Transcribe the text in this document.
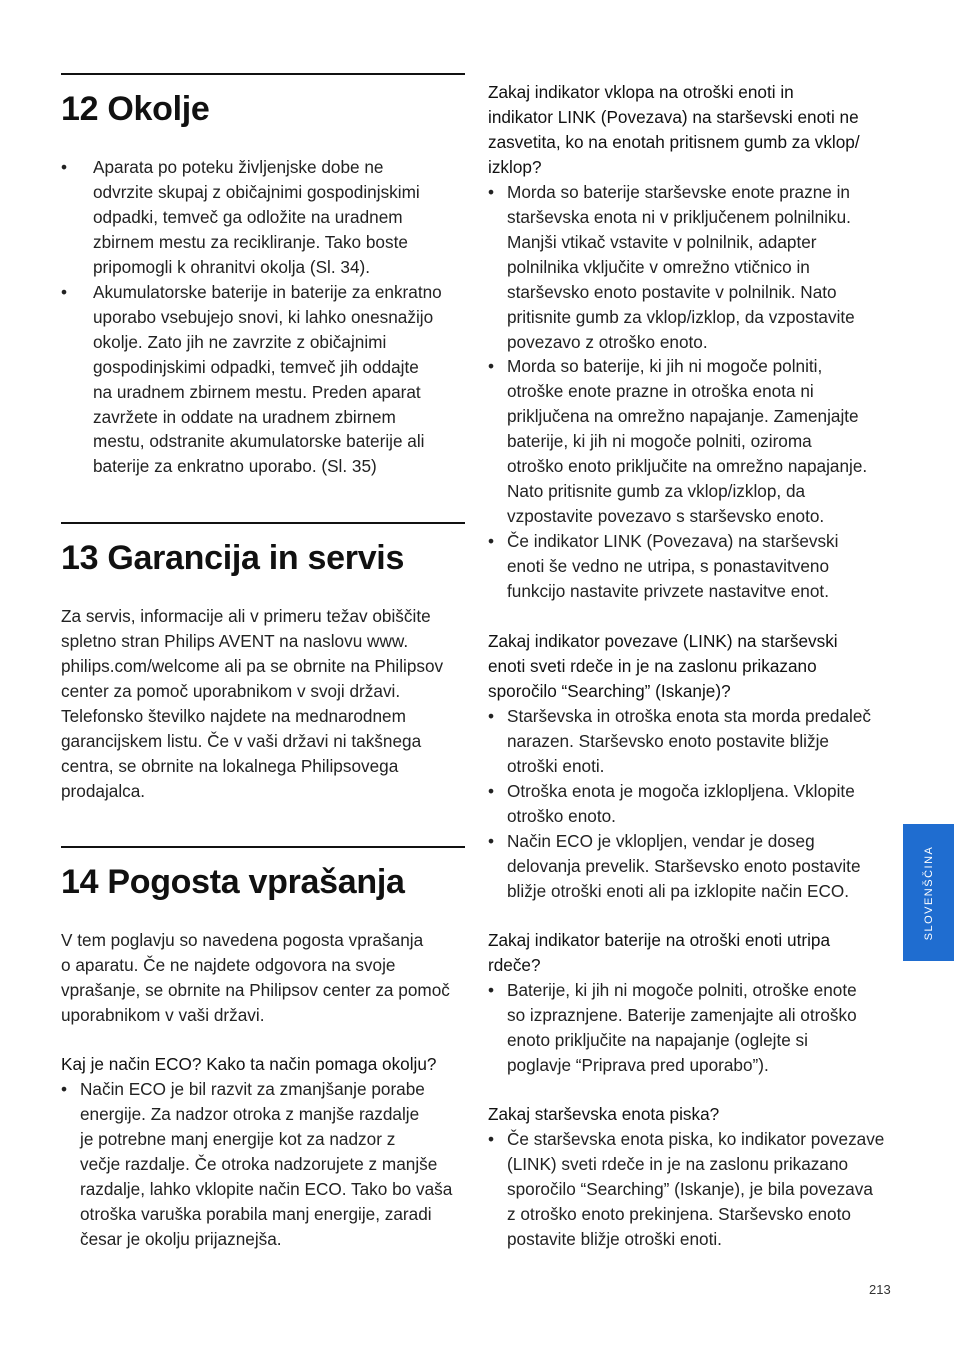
12 Okolje
• Aparata po poteku življenjske dobe ne
odvrzite skupaj z običajnimi gospodinjskimi
odpadki, temveč ga odložite na uradnem
zbirnem mestu za recikliranje. Tako boste
pripomogli k ohranitvi okolja (Sl. 34).
• Akumulatorske baterije in baterije za enkratno
uporabo vsebujejo snovi, ki lahko onesnažijo
okolje. Zato jih ne zavrzite z običajnimi
gospodinjskimi odpadki, temveč jih oddajte
na uradnem zbirnem mestu. Preden aparat
zavržete in oddate na uradnem zbirnem
mestu, odstranite akumulatorske baterije ali
baterije za enkratno uporabo. (Sl. 35)
13 Garancija in servis
Za servis, informacije ali v primeru težav obiščite
spletno stran Philips AVENT na naslovu www.
philips.com/welcome ali pa se obrnite na Philipsov
center za pomoč uporabnikom v svoji državi.
Telefonsko številko najdete na mednarodnem
garancijskem listu. Če v vaši državi ni takšnega
centra, se obrnite na lokalnega Philipsovega
prodajalca.
14 Pogosta vprašanja
V tem poglavju so navedena pogosta vprašanja
o aparatu. Če ne najdete odgovora na svoje
vprašanje, se obrnite na Philipsov center za pomoč
uporabnikom v vaši državi.
Kaj je način ECO? Kako ta način pomaga okolju?
• Način ECO je bil razvit za zmanjšanje porabe
energije. Za nadzor otroka z manjše razdalje
je potrebne manj energije kot za nadzor z
večje razdalje. Če otroka nadzorujete z manjše
razdalje, lahko vklopite način ECO. Tako bo vaša
otroška varuška porabila manj energije, zaradi
česar je okolju prijaznejša.
Zakaj indikator vklopa na otroški enoti in
indikator LINK (Povezava) na starševski enoti ne
zasvetita, ko na enotah pritisnem gumb za vklop/
izklop?
• Morda so baterije starševske enote prazne in
starševska enota ni v priključenem polnilniku.
Manjši vtikač vstavite v polnilnik, adapter
polnilnika vključite v omrežno vtičnico in
starševsko enoto postavite v polnilnik. Nato
pritisnite gumb za vklop/izklop, da vzpostavite
povezavo z otroško enoto.
• Morda so baterije, ki jih ni mogoče polniti,
otroške enote prazne in otroška enota ni
priključena na omrežno napajanje. Zamenjajte
baterije, ki jih ni mogoče polniti, oziroma
otroško enoto priključite na omrežno napajanje.
Nato pritisnite gumb za vklop/izklop, da
vzpostavite povezavo s starševsko enoto.
• Če indikator LINK (Povezava) na starševski
enoti še vedno ne utripa, s ponastavitveno
funkcijo nastavite privzete nastavitve enot.
Zakaj indikator povezave (LINK) na starševski
enoti sveti rdeče in je na zaslonu prikazano
sporočilo “Searching” (Iskanje)?
• Starševska in otroška enota sta morda predaleč
narazen. Starševsko enoto postavite bližje
otroški enoti.
• Otroška enota je mogoča izklopljena. Vklopite
otroško enoto.
• Način ECO je vklopljen, vendar je doseg
delovanja prevelik. Starševsko enoto postavite
bližje otroški enoti ali pa izklopite način ECO.
Zakaj indikator baterije na otroški enoti utripa
rdeče?
• Baterije, ki jih ni mogoče polniti, otroške enote
so izpraznjene. Baterije zamenjajte ali otroško
enoto priključite na napajanje (oglejte si
poglavje “Priprava pred uporabo”).
Zakaj starševska enota piska?
• Če starševska enota piska, ko indikator povezave
(LINK) sveti rdeče in je na zaslonu prikazano
sporočilo “Searching” (Iskanje), je bila povezava
z otroško enoto prekinjena. Starševsko enoto
postavite bližje otroški enoti.
SLOVENŠČINA
213
